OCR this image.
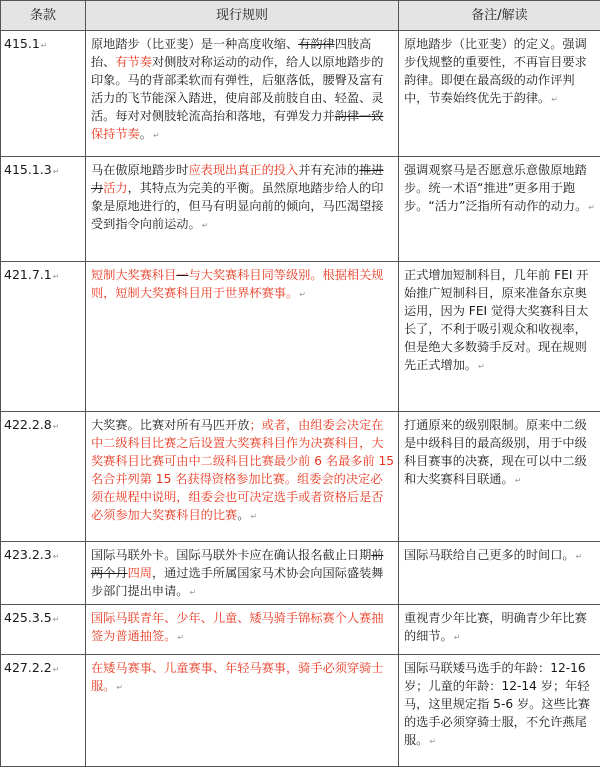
条款	现行规则	备注/解读
415.1↵	原地踏步（比亚斐）是一种高度收缩、有韵律四肢高抬、有节奏对侧肢对称运动的动作，给人以原地踏步的印象。马的背部柔软而有弹性，后躯落低，腰臀及富有活力的飞节能深入踏进，使肩部及前肢自由、轻盈、灵活。每对对侧肢轮流高抬和落地，有弹发力并韵律一致保持节奏。↵	原地踏步（比亚斐）的定义。强调步伐规整的重要性，不再盲目要求韵律。即便在最高级的动作评判中，节奏始终优先于韵律。↵
415.1.3↵	马在傲原地踏步时应表现出真正的投入并有充沛的推进力活力，其特点为完美的平衡。虽然原地踏步给人的印象是原地进行的，但马有明显向前的倾向，马匹渴望接受到指令向前运动。↵	强调观察马是否愿意乐意傲原地踏步。统一术语“推进”更多用于跑步。“活力”泛指所有动作的动力。↵
421.7.1↵	短制大奖赛科目一与大奖赛科目同等级别。根据相关规则，短制大奖赛科目用于世界杯赛事。↵	正式增加短制科目，几年前 FEI 开始推广短制科目，原来准备东京奥运用，因为 FEI 觉得大奖赛科目太长了，不利于吸引观众和收视率，但是绝大多数骑手反对。现在规则先正式增加。↵
422.2.8↵	大奖赛。比赛对所有马匹开放；或者，由组委会决定在中二级科目比赛之后设置大奖赛科目作为决赛科目，大奖赛科目比赛可由中二级科目比赛最少前 6 名最多前 15 名合并列第 15 名获得资格参加比赛。组委会的决定必须在规程中说明，组委会也可决定选手或者资格后是否必须参加大奖赛科目的比赛。↵	打通原来的级别限制。原来中二级是中级科目的最高级别，用于中级科目赛事的决赛，现在可以中二级和大奖赛科目联通。↵
423.2.3↵	国际马联外卡。国际马联外卡应在确认报名截止日期前两个月四周，通过选手所属国家马术协会向国际盛装舞步部门提出申请。↵	国际马联给自己更多的时间口。↵
425.3.5↵	国际马联青年、少年、儿童、矮马骑手锦标赛个人赛抽签为普通抽签。↵	重视青少年比赛，明确青少年比赛的细节。↵
427.2.2↵	在矮马赛事、儿童赛事、年轻马赛事，骑手必须穿骑士服。↵	国际马联矮马选手的年龄：12-16 岁；儿童的年龄：12-14 岁；年轻马，这里规定指 5-6 岁。这些比赛的选手必须穿骑士服，不允许燕尾服。↵
